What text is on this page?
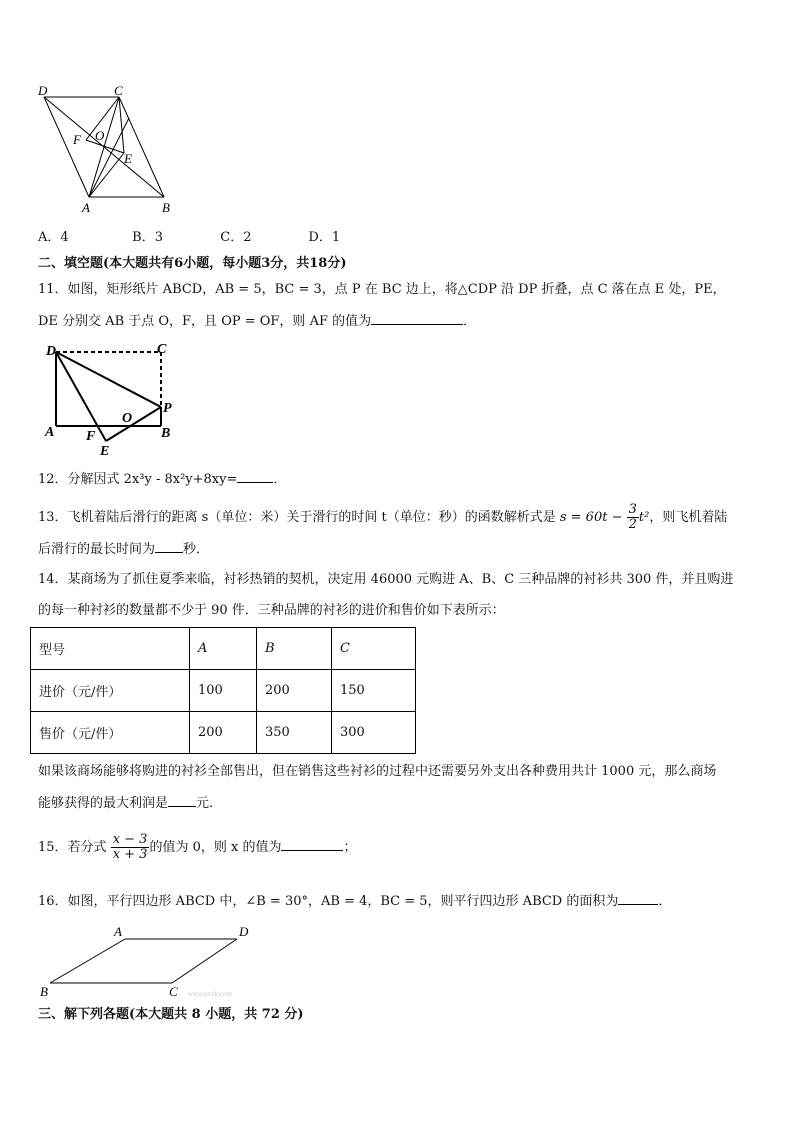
D	C
F O
E
A	B
A．4	B．3	C．2	D．1
二、填空题(本大题共有6小题，每小题3分，共18分)
11．如图，矩形纸片 ABCD，AB = 5，BC = 3，点 P 在 BC 边上，将△CDP 沿 DP 折叠，点 C 落在点 E 处，PE，
DE 分别交 AB 于点 O，F，且 OP = OF，则 AF 的值为	．
D	C
P
O
A F	B
E
12．分解因式 2x³y - 8x²y+8xy=	．
13．飞机着陆后滑行的距离 s（单位：米）关于滑行的时间 t（单位：秒）的函数解析式是 $s = 60t - \frac{3}{2} t^2$，则飞机着陆
后滑行的最长时间为 秒．
14．某商场为了抓住夏季来临，衬衫热销的契机，决定用 46000 元购进 A、B、C 三种品牌的衬衫共 300 件，并且购进
的每一种衬衫的数量都不少于 90 件．三种品牌的衬衫的进价和售价如下表所示：
型号	A	B	C
进价（元/件）	100	200	150
售价（元/件）	200	350	300
如果该商场能够将购进的衬衫全部售出，但在销售这些衬衫的过程中还需要另外支出各种费用共计 1000 元，那么商场
能够获得的最大利润是 元．
15．若分式 $\frac{x - 3}{x + 3}$ 的值为 0，则 x 的值为	；
16．如图，平行四边形 ABCD 中，∠B = 30°，AB = 4，BC = 5，则平行四边形 ABCD 的面积为	．
A	D
B	C www.zxxk.com
三、解下列各题(本大题共 8 小题，共 72 分)
